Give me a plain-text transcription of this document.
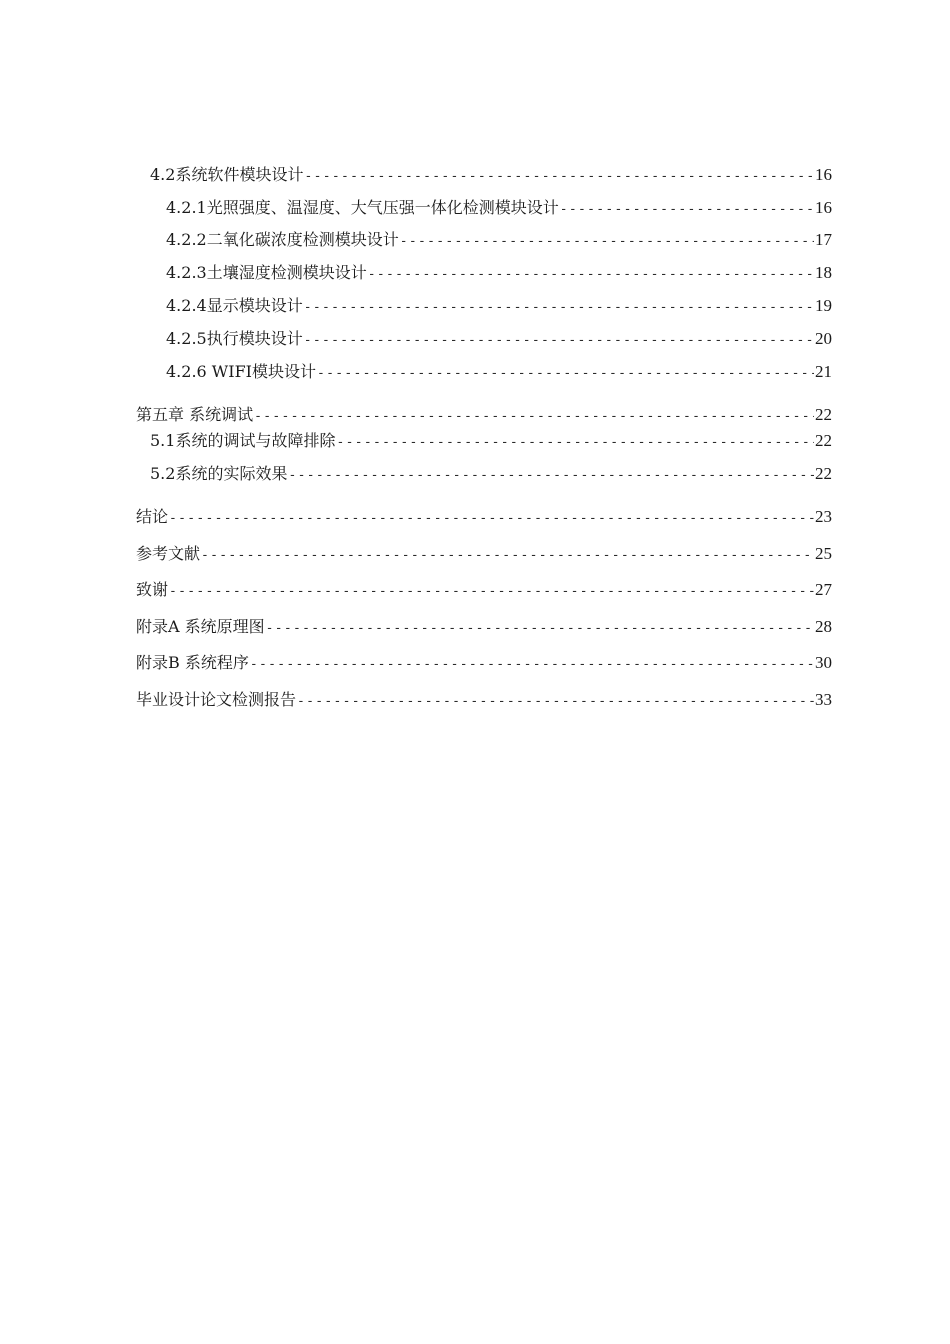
4.2系统软件模块设计 -----	16
4.2.1光照强度、温湿度、大气压强一体化检测模块设计 -----	16
4.2.2二氧化碳浓度检测模块设计 -----	17
4.2.3土壤湿度检测模块设计 -----	18
4.2.4显示模块设计 -----	19
4.2.5执行模块设计 -----	20
4.2.6 WIFI模块设计 -----	21
第五章 系统调试 -----	22
5.1系统的调试与故障排除 -----	22
5.2系统的实际效果 -----	22
结论 -----	23
参考文献 -----	25
致谢 -----	27
附录A 系统原理图 -----	28
附录B 系统程序 -----	30
毕业设计论文检测报告 -----	33
